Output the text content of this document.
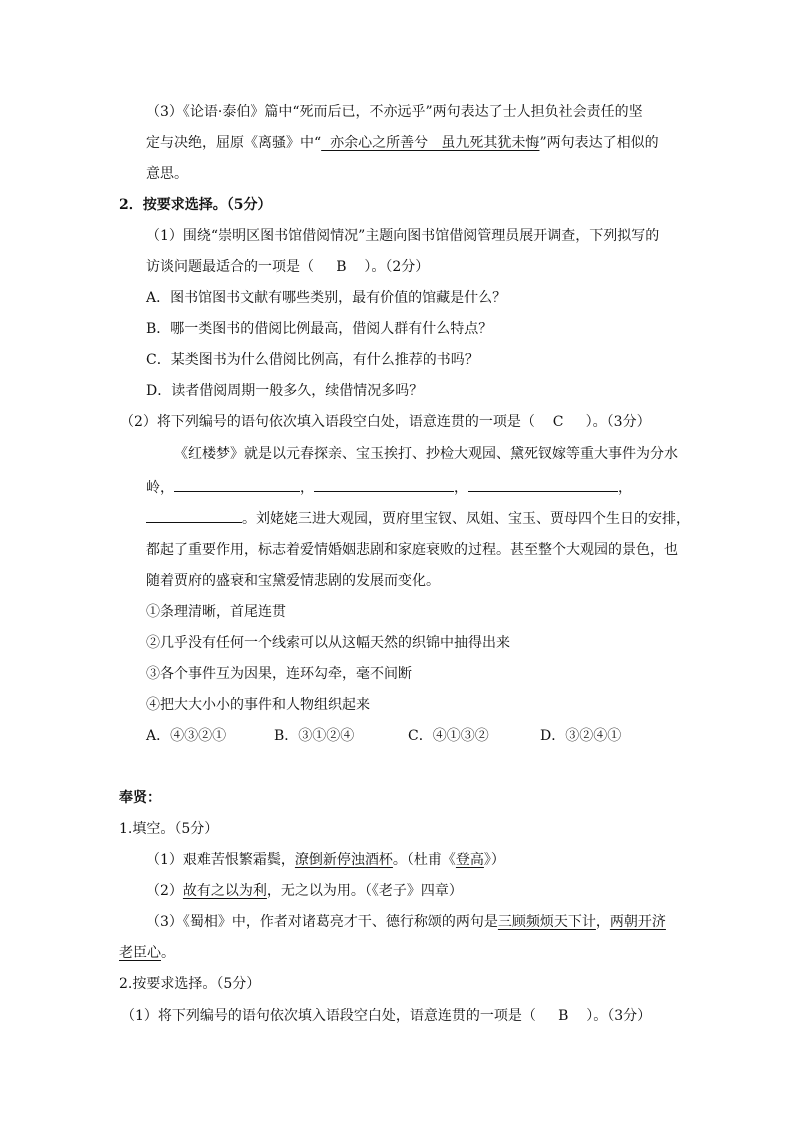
（3）《论语·泰伯》篇中“死而后已，不亦远乎”两句表达了士人担负社会责任的坚
定与决绝，屈原《离骚》中“  亦余心之所善兮   虽九死其犹未悔”两句表达了相似的
意思。
2．按要求选择。（5分）
（1）围绕“崇明区图书馆借阅情况”主题向图书馆借阅管理员展开调查，下列拟写的
访谈问题最适合的一项是（     B    ）。（2分）
A．图书馆图书文献有哪些类别，最有价值的馆藏是什么？
B．哪一类图书的借阅比例最高，借阅人群有什么特点？
C．某类图书为什么借阅比例高，有什么推荐的书吗？
D．读者借阅周期一般多久，续借情况多吗？
（2）将下列编号的语句依次填入语段空白处，语意连贯的一项是（    C     ）。（3分）
《红楼梦》就是以元春探亲、宝玉挨打、抄检大观园、黛死钗嫁等重大事件为分水
岭，	，	，	，
。刘姥姥三进大观园，贾府里宝钗、凤姐、宝玉、贾母四个生日的安排，
都起了重要作用，标志着爱情婚姻悲剧和家庭衰败的过程。甚至整个大观园的景色，也
随着贾府的盛衰和宝黛爱情悲剧的发展而变化。
①条理清晰，首尾连贯
②几乎没有任何一个线索可以从这幅天然的织锦中抽得出来
③各个事件互为因果，连环勾牵，毫不间断
④把大大小小的事件和人物组织起来
A．④③②①	B．③①②④	C．④①③②	D．③②④①
奉贤：
1.填空。（5分）
（1）艰难苦恨繁霜鬓，潦倒新停浊酒杯。（杜甫《登高》）
（2）故有之以为利，无之以为用。（《老子》四章）
（3）《蜀相》中，作者对诸葛亮才干、德行称颂的两句是三顾频烦天下计，两朝开济
老臣心。
2.按要求选择。（5分）
（1）将下列编号的语句依次填入语段空白处，语意连贯的一项是（     B    ）。（3分）
